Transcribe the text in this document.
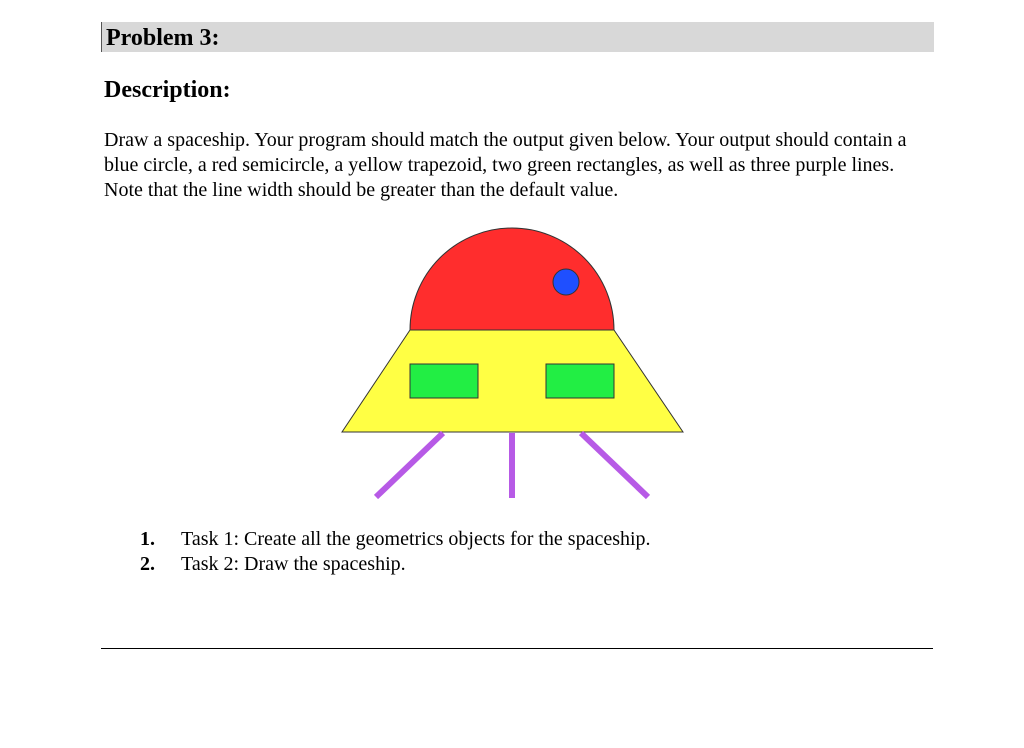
Problem 3:
Description:
Draw a spaceship. Your program should match the output given below. Your output should contain a blue circle, a red semicircle, a yellow trapezoid, two green rectangles, as well as three purple lines. Note that the line width should be greater than the default value.
1. Task 1: Create all the geometrics objects for the spaceship.
2. Task 2: Draw the spaceship.
